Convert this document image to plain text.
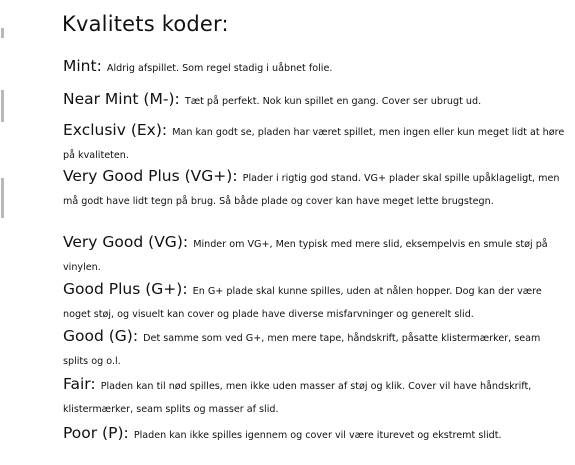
Kvalitets koder:
Mint: Aldrig afspillet. Som regel stadig i uåbnet folie.
Near Mint (M-): Tæt på perfekt. Nok kun spillet en gang. Cover ser ubrugt ud.
Exclusiv (Ex): Man kan godt se, pladen har været spillet, men ingen eller kun meget lidt at høre på kvaliteten.
Very Good Plus (VG+): Plader i rigtig god stand. VG+ plader skal spille upåklageligt, men må godt have lidt tegn på brug. Så både plade og cover kan have meget lette brugstegn.
Very Good (VG): Minder om VG+, Men typisk med mere slid, eksempelvis en smule støj på vinylen.
Good Plus (G+): En G+ plade skal kunne spilles, uden at nålen hopper. Dog kan der være noget støj, og visuelt kan cover og plade have diverse misfarvninger og generelt slid.
Good (G): Det samme som ved G+, men mere tape, håndskrift, påsatte klistermærker, seam splits og o.l.
Fair: Pladen kan til nød spilles, men ikke uden masser af støj og klik. Cover vil have håndskrift, klistermærker, seam splits og masser af slid.
Poor (P): Pladen kan ikke spilles igennem og cover vil være iturevet og ekstremt slidt.
